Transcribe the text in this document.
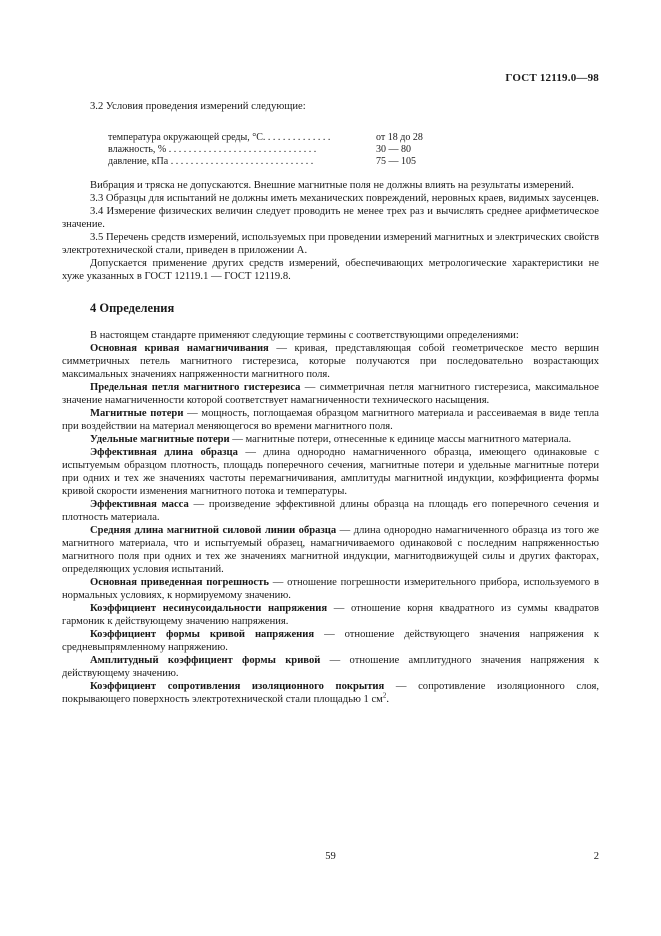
ГОСТ 12119.0—98

3.2 Условия проведения измерений следующие:

температура окружающей среды, °С. . . . . . . . . . . . . .	от 18 до 28
влажность, % . . . . . . . . . . . . . . . . . . . . . . . . . . . . . .	30 — 80
давление, кПа . . . . . . . . . . . . . . . . . . . . . . . . . . . . .	75 — 105

Вибрация и тряска не допускаются. Внешние магнитные поля не должны влиять на результаты измерений.

3.3 Образцы для испытаний не должны иметь механических повреждений, неровных краев, видимых заусенцев.

3.4 Измерение физических величин следует проводить не менее трех раз и вычислять среднее арифметическое значение.

3.5 Перечень средств измерений, используемых при проведении измерений магнитных и электрических свойств электротехнической стали, приведен в приложении А.

Допускается применение других средств измерений, обеспечивающих метрологические характеристики не хуже указанных в ГОСТ 12119.1 — ГОСТ 12119.8.

4 Определения

В настоящем стандарте применяют следующие термины с соответствующими определениями:

Основная кривая намагничивания — кривая, представляющая собой геометрическое место вершин симметричных петель магнитного гистерезиса, которые получаются при последовательно возрастающих максимальных значениях напряженности магнитного поля.

Предельная петля магнитного гистерезиса — симметричная петля магнитного гистерезиса, максимальное значение намагниченности которой соответствует намагниченности технического насыщения.

Магнитные потери — мощность, поглощаемая образцом магнитного материала и рассеиваемая в виде тепла при воздействии на материал меняющегося во времени магнитного поля.

Удельные магнитные потери — магнитные потери, отнесенные к единице массы магнитного материала.

Эффективная длина образца — длина однородно намагниченного образца, имеющего одинаковые с испытуемым образцом плотность, площадь поперечного сечения, магнитные потери и удельные магнитные потери при одних и тех же значениях частоты перемагничивания, амплитуды магнитной индукции, коэффициента формы кривой скорости изменения магнитного потока и температуры.

Эффективная масса — произведение эффективной длины образца на площадь его поперечного сечения и плотность материала.

Средняя длина магнитной силовой линии образца — длина однородно намагниченного образца из того же магнитного материала, что и испытуемый образец, намагничиваемого одинаковой с последним напряженностью магнитного поля при одних и тех же значениях магнитной индукции, магнитодвижущей силы и других факторах, определяющих условия испытаний.

Основная приведенная погрешность — отношение погрешности измерительного прибора, используемого в нормальных условиях, к нормируемому значению.

Коэффициент несинусоидальности напряжения — отношение корня квадратного из суммы квадратов гармоник к действующему значению напряжения.

Коэффициент формы кривой напряжения — отношение действующего значения напряжения к средневыпрямленному напряжению.

Амплитудный коэффициент формы кривой — отношение амплитудного значения напряжения к действующему значению.

Коэффициент сопротивления изоляционного покрытия — сопротивление изоляционного слоя, покрывающего поверхность электротехнической стали площадью 1 $см^2$.

59	2
